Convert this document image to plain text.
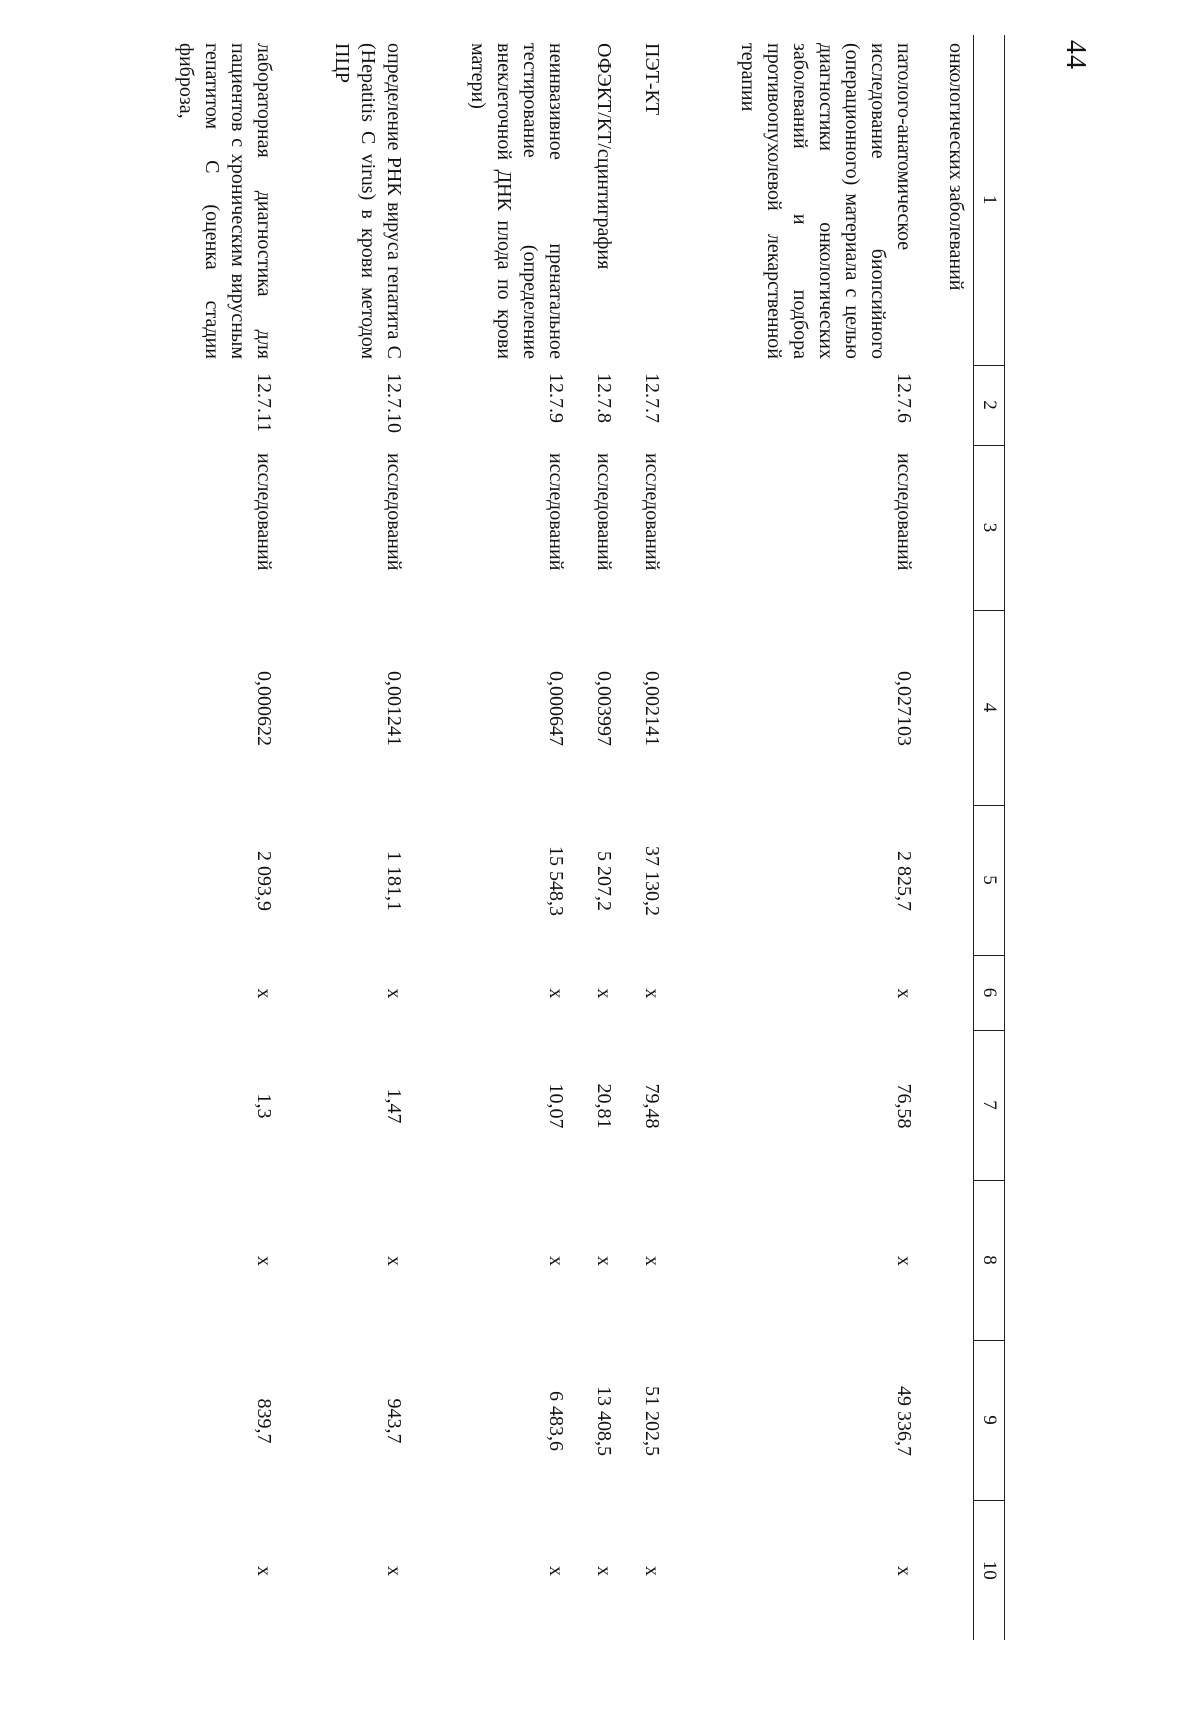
44
1	2	3	4	5	6	7	8	9	10
онкологических заболеваний									
патолого-анатомическое исследование биопсийного (операционного) материала с целью диагностики онкологических заболеваний и подбора противоопухолевой лекарственной терапии	12.7.6	исследований	0,027103	2 825,7	x	76,58	x	49 336,7	x
ПЭТ-КТ	12.7.7	исследований	0,002141	37 130,2	x	79,48	x	51 202,5	x
ОФЭКТ/КТ/сцинтиграфия	12.7.8	исследований	0,003997	5 207,2	x	20,81	x	13 408,5	x
неинвазивное пренатальное тестирование (определение внеклеточной ДНК плода по крови матери)	12.7.9	исследований	0,000647	15 548,3	x	10,07	x	6 483,6	x
определение РНК вируса гепатита С (Hepatitis C virus) в крови методом ПЦР	12.7.10	исследований	0,001241	1 181,1	x	1,47	x	943,7	x
лабораторная диагностика для пациентов с хроническим вирусным гепатитом С (оценка стадии фиброза,	12.7.11	исследований	0,000622	2 093,9	x	1,3	x	839,7	x
